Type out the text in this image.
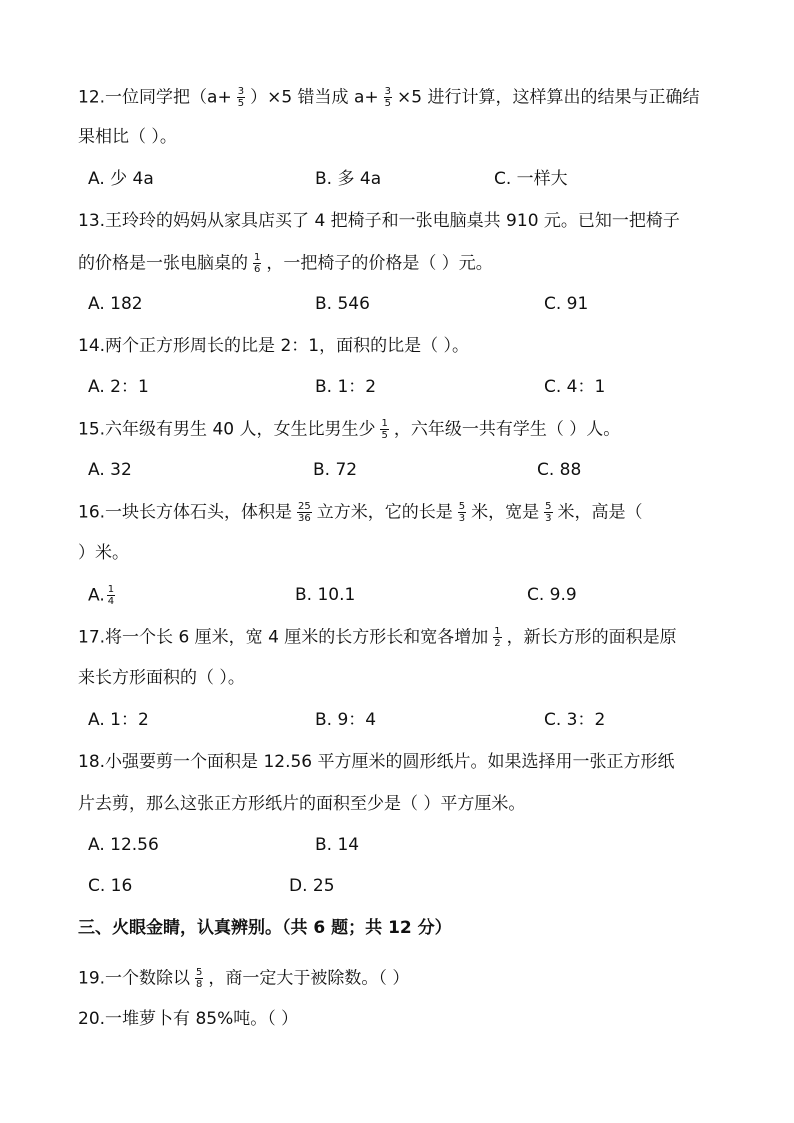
12.一位同学把$(a+ \frac{3}{5} )\times 5$ 错当成 $a+ \frac{3}{5} \times 5$ 进行计算，这样算出的结果与正确结
果相比（ ）。
A. 少 4a	B. 多 4a	C. 一样大
13.王玲玲的妈妈从家具店买了 4 把椅子和一张电脑桌共 910 元。已知一把椅子
的价格是一张电脑桌的 $\frac{1}{6}$ ，一把椅子的价格是（ ）元。
A. 182	B. 546	C. 91
14.两个正方形周长的比是 2：1，面积的比是（ ）。
A. 2：1	B. 1：2	C. 4：1
15.六年级有男生 40 人，女生比男生少 $\frac{1}{5}$ ，六年级一共有学生（ ）人。
A. 32	B. 72	C. 88
16.一块长方体石头，体积是 $\frac{25}{36}$ 立方米，它的长是 $\frac{5}{3}$ 米，宽是 $\frac{5}{3}$ 米，高是（
）米。
A. $\frac{1}{4}$	B. 10.1	C. 9.9
17.将一个长 6 厘米，宽 4 厘米的长方形长和宽各增加 $\frac{1}{2}$ ，新长方形的面积是原
来长方形面积的（ ）。
A. 1：2	B. 9：4	C. 3：2
18.小强要剪一个面积是 12.56 平方厘米的圆形纸片。如果选择用一张正方形纸
片去剪，那么这张正方形纸片的面积至少是（ ）平方厘米。
A. 12.56	B. 14
C. 16	D. 25
三、火眼金睛，认真辨别。（共 6 题；共 12 分）
19.一个数除以 $\frac{5}{8}$ ，商一定大于被除数。（ ）
20.一堆萝卜有 85%吨。（ ）
